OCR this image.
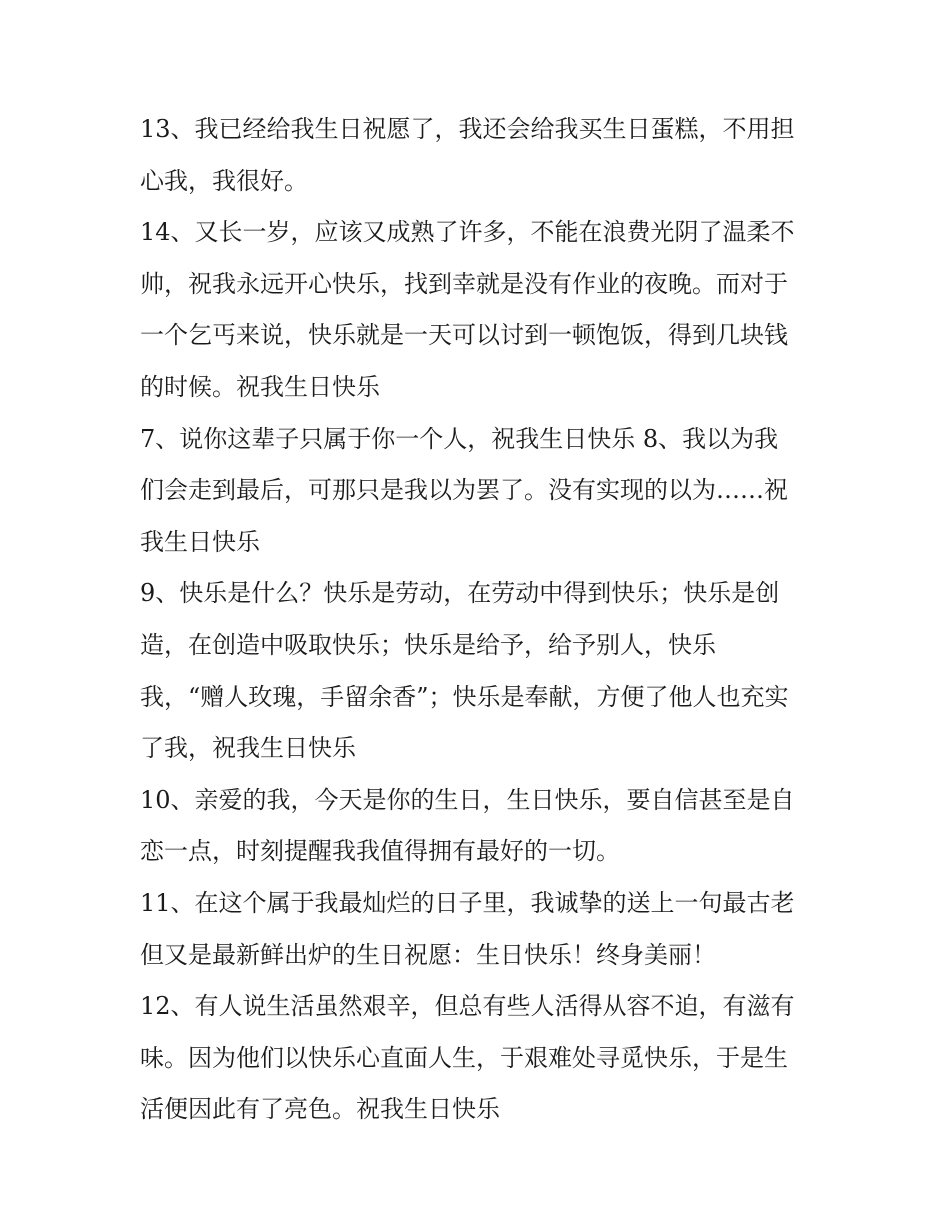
13、我已经给我生日祝愿了，我还会给我买生日蛋糕，不用担
心我，我很好。
14、又长一岁，应该又成熟了许多，不能在浪费光阴了温柔不
帅，祝我永远开心快乐，找到幸就是没有作业的夜晚。而对于
一个乞丐来说，快乐就是一天可以讨到一顿饱饭，得到几块钱
的时候。祝我生日快乐
7、说你这辈子只属于你一个人，祝我生日快乐 8、我以为我
们会走到最后，可那只是我以为罢了。没有实现的以为……祝
我生日快乐
9、快乐是什么？快乐是劳动，在劳动中得到快乐；快乐是创
造，在创造中吸取快乐；快乐是给予，给予别人，快乐
我，“赠人玫瑰，手留余香”；快乐是奉献，方便了他人也充实
了我，祝我生日快乐
10、亲爱的我，今天是你的生日，生日快乐，要自信甚至是自
恋一点，时刻提醒我我值得拥有最好的一切。
11、在这个属于我最灿烂的日子里，我诚挚的送上一句最古老
但又是最新鲜出炉的生日祝愿：生日快乐！终身美丽！
12、有人说生活虽然艰辛，但总有些人活得从容不迫，有滋有
味。因为他们以快乐心直面人生，于艰难处寻觅快乐，于是生
活便因此有了亮色。祝我生日快乐
